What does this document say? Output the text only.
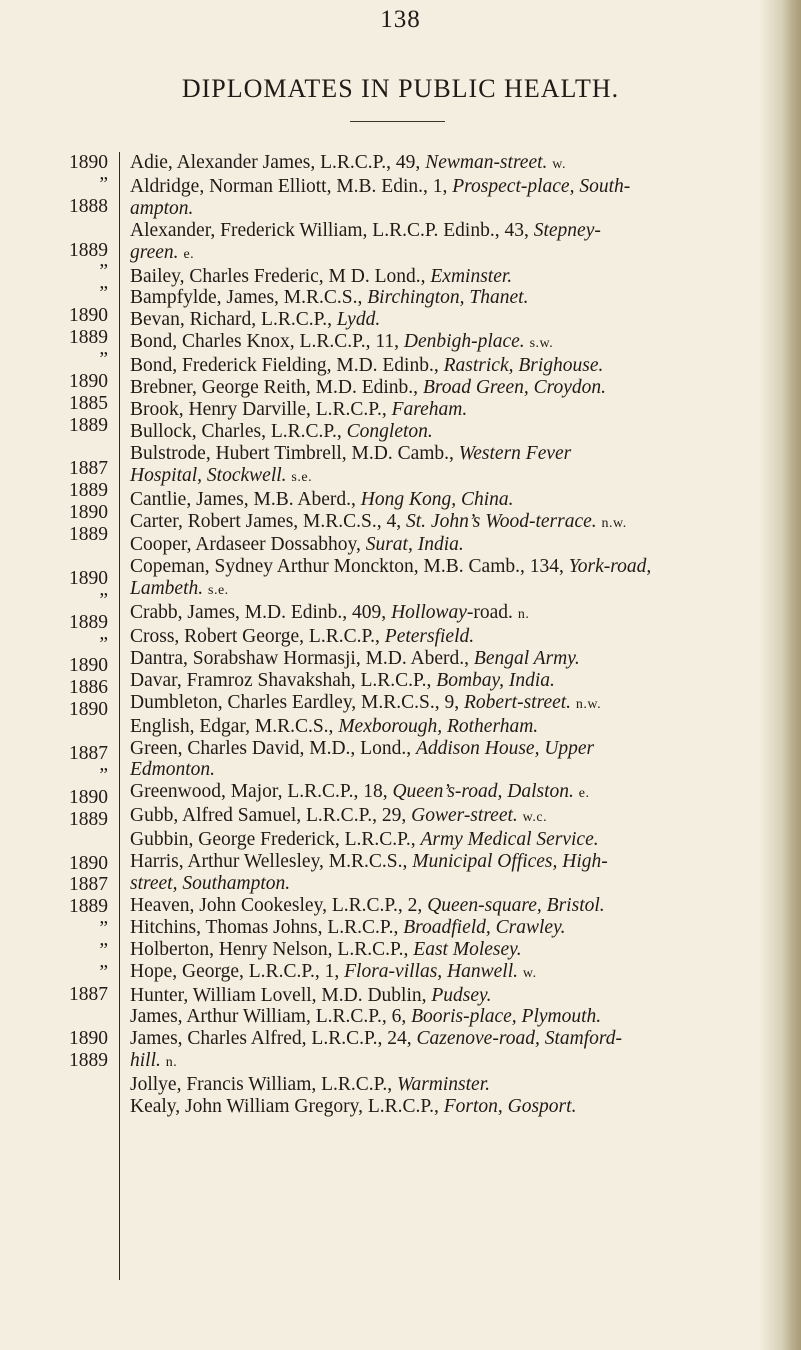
138
DIPLOMATES IN PUBLIC HEALTH.
1890
”
1888
1889
”
”
1890
1889
”
1890
1885
1889
1887
1889
1890
1889
1890
”
1889
”
1890
1886
1890
1887
”
1890
1889
1890
1887
1889
”
”
”
1887
1890
1889
Adie, Alexander James, L.R.C.P., 49, Newman-street. w.
Aldridge, Norman Elliott, M.B. Edin., 1, Prospect-place, South-
ampton.
Alexander, Frederick William, L.R.C.P. Edinb., 43, Stepney-
green. e.
Bailey, Charles Frederic, M D. Lond., Exminster.
Bampfylde, James, M.R.C.S., Birchington, Thanet.
Bevan, Richard, L.R.C.P., Lydd.
Bond, Charles Knox, L.R.C.P., 11, Denbigh-place. s.w.
Bond, Frederick Fielding, M.D. Edinb., Rastrick, Brighouse.
Brebner, George Reith, M.D. Edinb., Broad Green, Croydon.
Brook, Henry Darville, L.R.C.P., Fareham.
Bullock, Charles, L.R.C.P., Congleton.
Bulstrode, Hubert Timbrell, M.D. Camb., Western Fever
Hospital, Stockwell. s.e.
Cantlie, James, M.B. Aberd., Hong Kong, China.
Carter, Robert James, M.R.C.S., 4, St. John’s Wood-terrace. n.w.
Cooper, Ardaseer Dossabhoy, Surat, India.
Copeman, Sydney Arthur Monckton, M.B. Camb., 134, York-road,
Lambeth. s.e.
Crabb, James, M.D. Edinb., 409, Holloway-road. n.
Cross, Robert George, L.R.C.P., Petersfield.
Dantra, Sorabshaw Hormasji, M.D. Aberd., Bengal Army.
Davar, Framroz Shavakshah, L.R.C.P., Bombay, India.
Dumbleton, Charles Eardley, M.R.C.S., 9, Robert-street. n.w.
English, Edgar, M.R.C.S., Mexborough, Rotherham.
Green, Charles David, M.D., Lond., Addison House, Upper
Edmonton.
Greenwood, Major, L.R.C.P., 18, Queen’s-road, Dalston. e.
Gubb, Alfred Samuel, L.R.C.P., 29, Gower-street. w.c.
Gubbin, George Frederick, L.R.C.P., Army Medical Service.
Harris, Arthur Wellesley, M.R.C.S., Municipal Offices, High-
street, Southampton.
Heaven, John Cookesley, L.R.C.P., 2, Queen-square, Bristol.
Hitchins, Thomas Johns, L.R.C.P., Broadfield, Crawley.
Holberton, Henry Nelson, L.R.C.P., East Molesey.
Hope, George, L.R.C.P., 1, Flora-villas, Hanwell. w.
Hunter, William Lovell, M.D. Dublin, Pudsey.
James, Arthur William, L.R.C.P., 6, Booris-place, Plymouth.
James, Charles Alfred, L.R.C.P., 24, Cazenove-road, Stamford-
hill. n.
Jollye, Francis William, L.R.C.P., Warminster.
Kealy, John William Gregory, L.R.C.P., Forton, Gosport.
